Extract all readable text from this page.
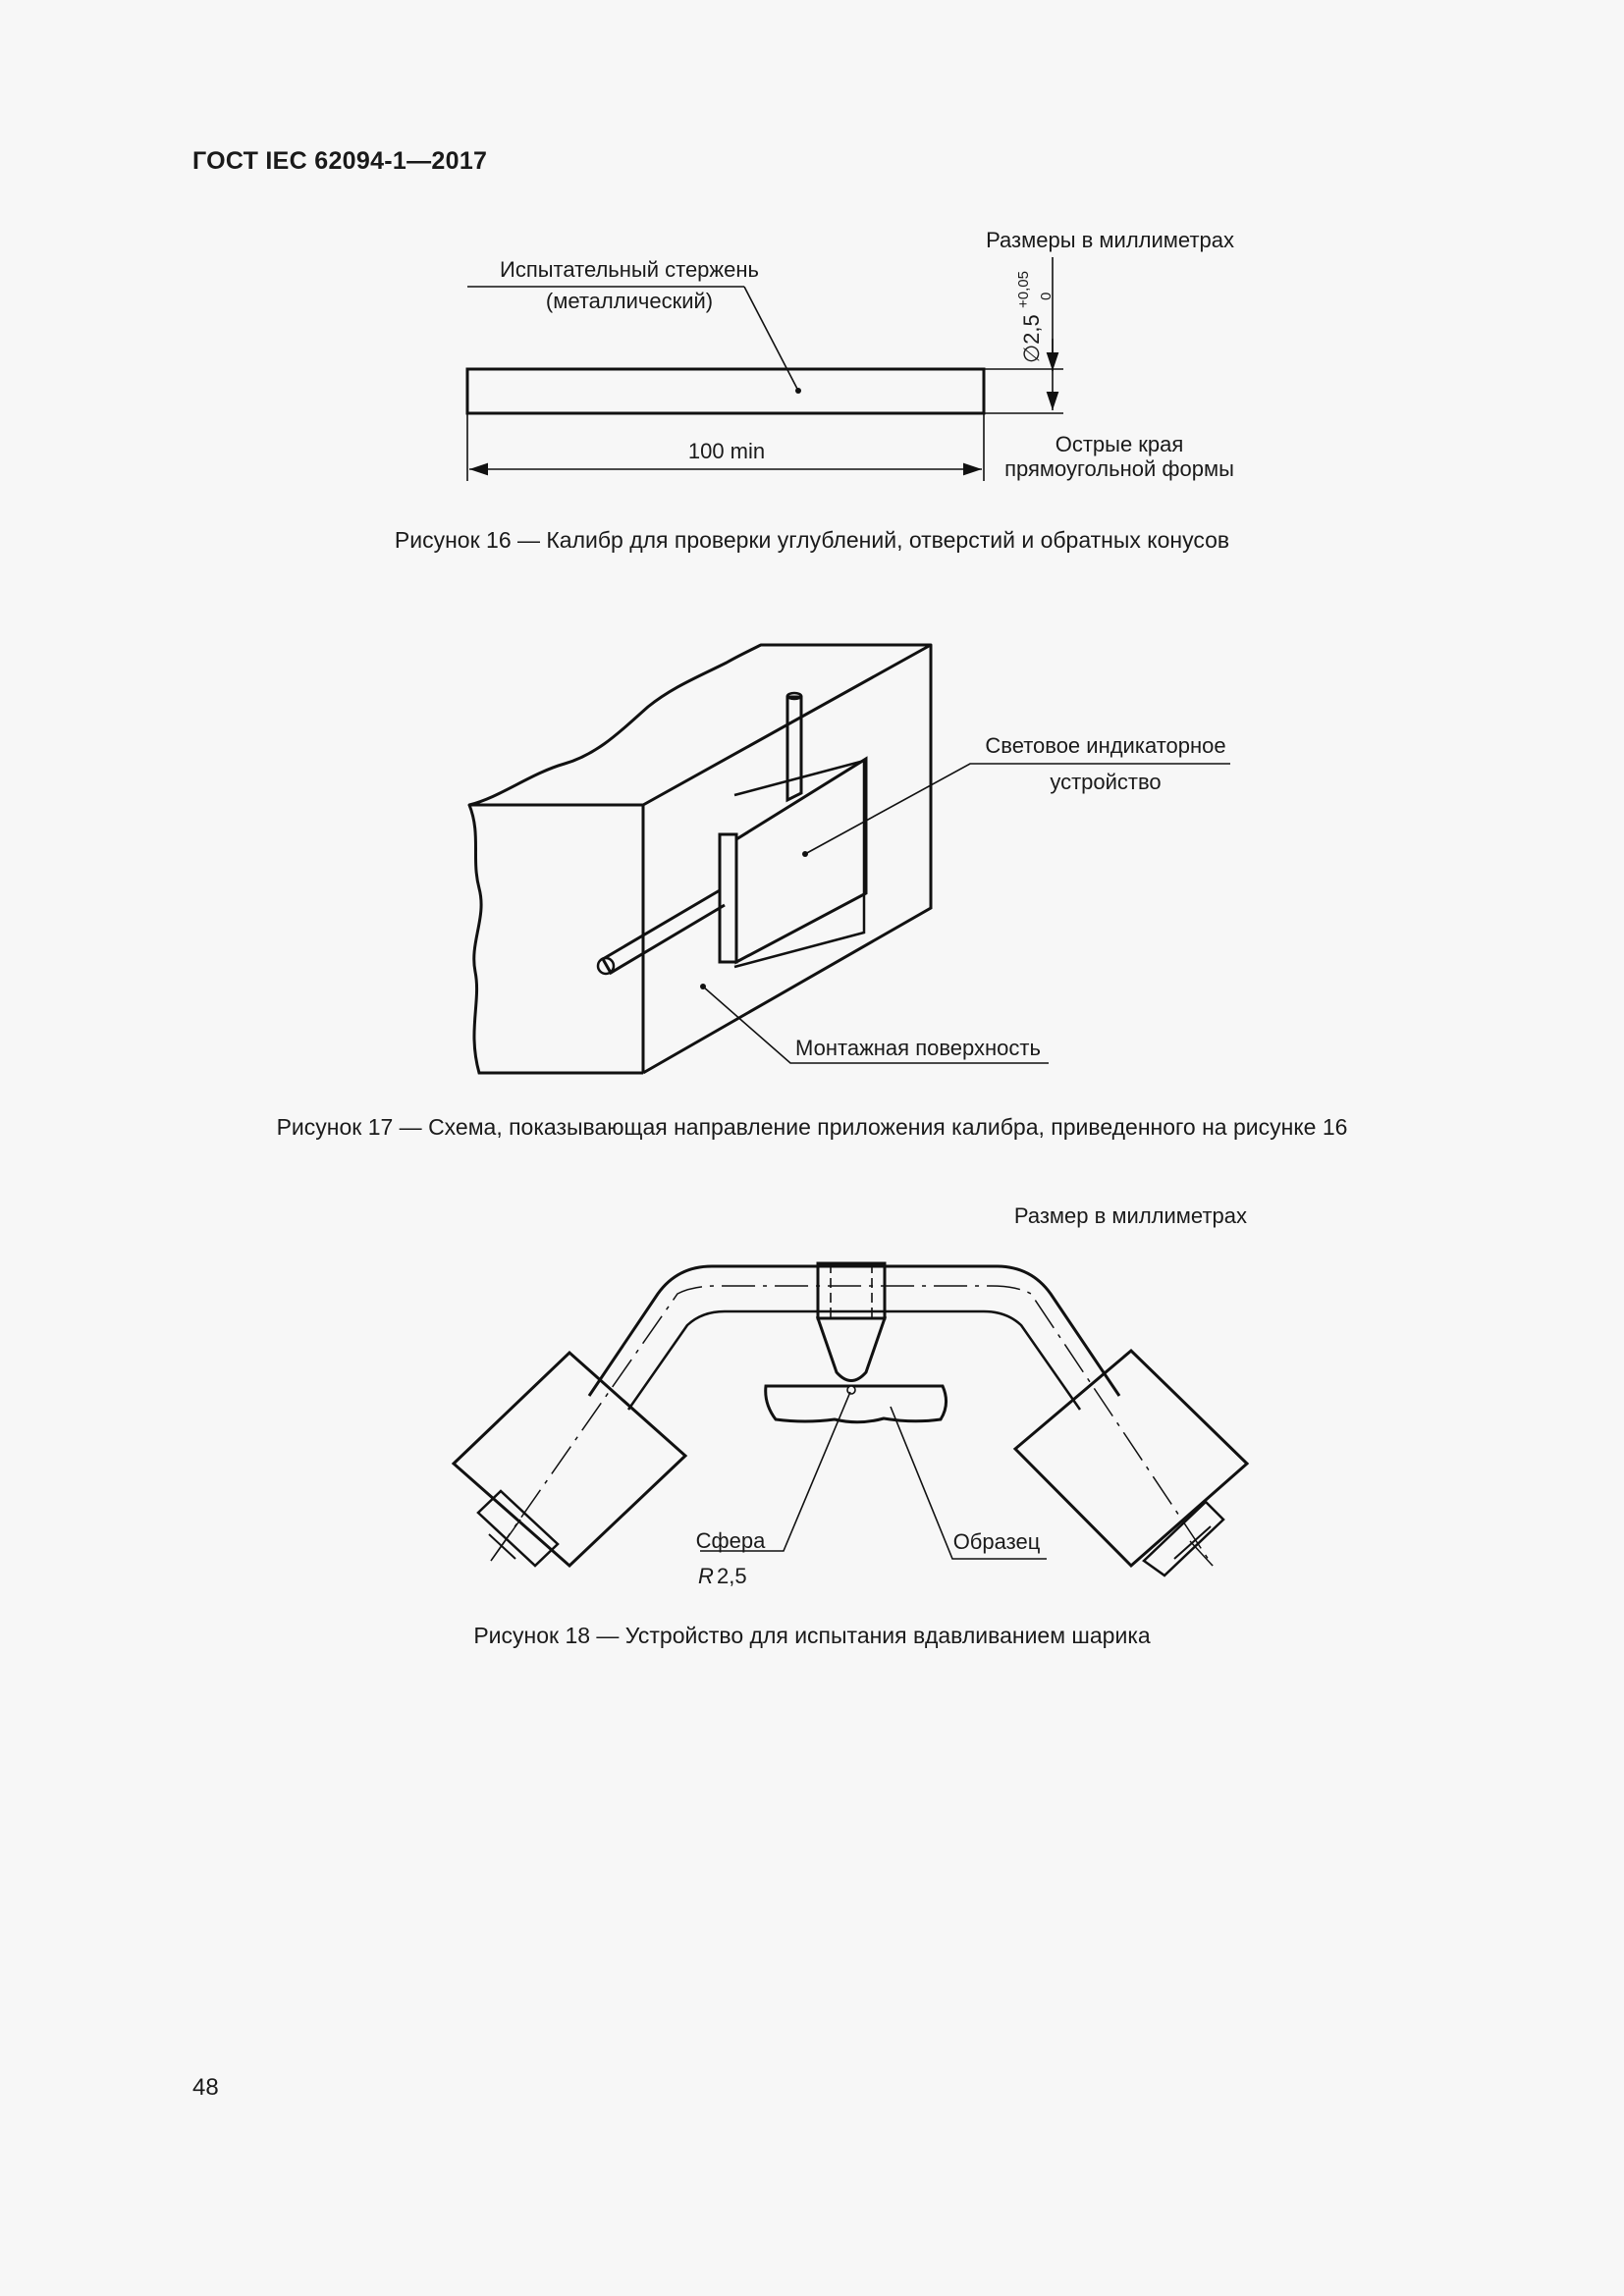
ГОСТ IEC 62094-1—2017
Размеры в миллиметрах
Испытательный стержень
(металлический)
100 min
∅2,5
+0,05 0
Острые края
прямоугольной формы
Рисунок 16 — Калибр для проверки углублений, отверстий и обратных конусов
Световое индикаторное
устройство
Монтажная поверхность
Рисунок 17 — Схема, показывающая направление приложения калибра, приведенного на рисунке 16
Размер в миллиметрах
Сфера
R 2,5
Образец
Рисунок 18 — Устройство для испытания вдавливанием шарика
48
